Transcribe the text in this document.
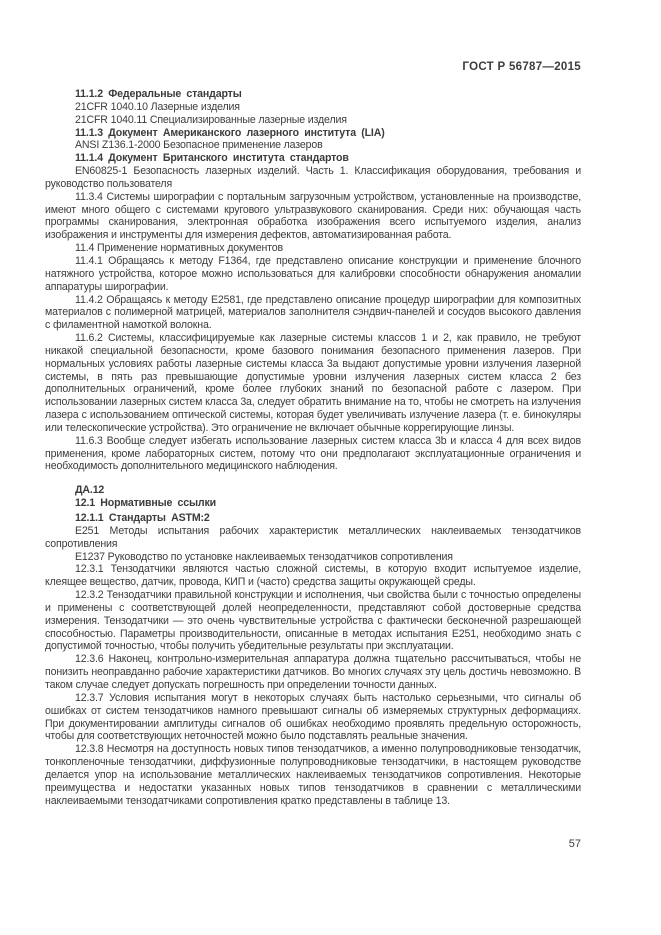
ГОСТ Р 56787—2015

11.1.2 Федеральные стандарты

21CFR 1040.10 Лазерные изделия

21CFR 1040.11 Специализированные лазерные изделия

11.1.3 Документ Американского лазерного института (LIA)

ANSI Z136.1-2000 Безопасное применение лазеров

11.1.4 Документ Британского института стандартов

EN60825-1 Безопасность лазерных изделий. Часть 1. Классификация оборудования, требования и руководство пользователя

11.3.4 Системы ширографии с портальным загрузочным устройством, установленные на производстве, имеют много общего с системами кругового ультразвукового сканирования. Среди них: обучающая часть программы сканирования, электронная обработка изображения всего испытуемого изделия, анализ изображения и инструменты для измерения дефектов, автоматизированная работа.

11.4 Применение нормативных документов

11.4.1 Обращаясь к методу F1364, где представлено описание конструкции и применение блочного натяжного устройства, которое можно использоваться для калибровки способности обнаружения аномалии аппаратуры ширографии.

11.4.2 Обращаясь к методу E2581, где представлено описание процедур ширографии для композитных материалов с полимерной матрицей, материалов заполнителя сэндвич-панелей и сосудов высокого давления с филаментной намоткой волокна.

11.6.2 Системы, классифицируемые как лазерные системы классов 1 и 2, как правило, не требуют никакой специальной безопасности, кроме базового понимания безопасного применения лазеров. При нормальных условиях работы лазерные системы класса 3а выдают допустимые уровни излучения лазерной системы, в пять раз превышающие допустимые уровни излучения лазерных систем класса 2 без дополнительных ограничений, кроме более глубоких знаний по безопасной работе с лазером. При использовании лазерных систем класса 3а, следует обратить внимание на то, чтобы не смотреть на излучения лазера с использованием оптической системы, которая будет увеличивать излучение лазера (т. е. бинокуляры или телескопические устройства). Это ограничение не включает обычные коррегирующие линзы.

11.6.3 Вообще следует избегать использование лазерных систем класса 3b и класса 4 для всех видов применения, кроме лабораторных систем, потому что они предполагают эксплуатационные ограничения и необходимость дополнительного медицинского наблюдения.

ДА.12

12.1 Нормативные ссылки

12.1.1 Стандарты ASTM:2

E251 Методы испытания рабочих характеристик металлических наклеиваемых тензодатчиков сопротивления

E1237 Руководство по установке наклеиваемых тензодатчиков сопротивления

12.3.1 Тензодатчики являются частью сложной системы, в которую входит испытуемое изделие, клеящее вещество, датчик, провода, КИП и (часто) средства защиты окружающей среды.

12.3.2 Тензодатчики правильной конструкции и исполнения, чьи свойства были с точностью определены и применены с соответствующей долей неопределенности, представляют собой достоверные средства измерения. Тензодатчики — это очень чувствительные устройства с фактически бесконечной разрешающей способностью. Параметры производительности, описанные в методах испытания E251, необходимо знать с допустимой точностью, чтобы получить убедительные результаты при эксплуатации.

12.3.6 Наконец, контрольно-измерительная аппаратура должна тщательно рассчитываться, чтобы не понизить неоправданно рабочие характеристики датчиков. Во многих случаях эту цель достичь невозможно. В таком случае следует допускать погрешность при определении точности данных.

12.3.7 Условия испытания могут в некоторых случаях быть настолько серьезными, что сигналы об ошибках от систем тензодатчиков намного превышают сигналы об измеряемых структурных деформациях. При документировании амплитуды сигналов об ошибках необходимо проявлять предельную осторожность, чтобы для соответствующих неточностей можно было подставлять реальные значения.

12.3.8 Несмотря на доступность новых типов тензодатчиков, а именно полупроводниковые тензодатчик, тонкопленочные тензодатчики, диффузионные полупроводниковые тензодатчики, в настоящем руководстве делается упор на использование металлических наклеиваемых тензодатчиков сопротивления. Некоторые преимущества и недостатки указанных новых типов тензодатчиков в сравнении с металлическими наклеиваемыми тензодатчиками сопротивления кратко представлены в таблице 13.

57
